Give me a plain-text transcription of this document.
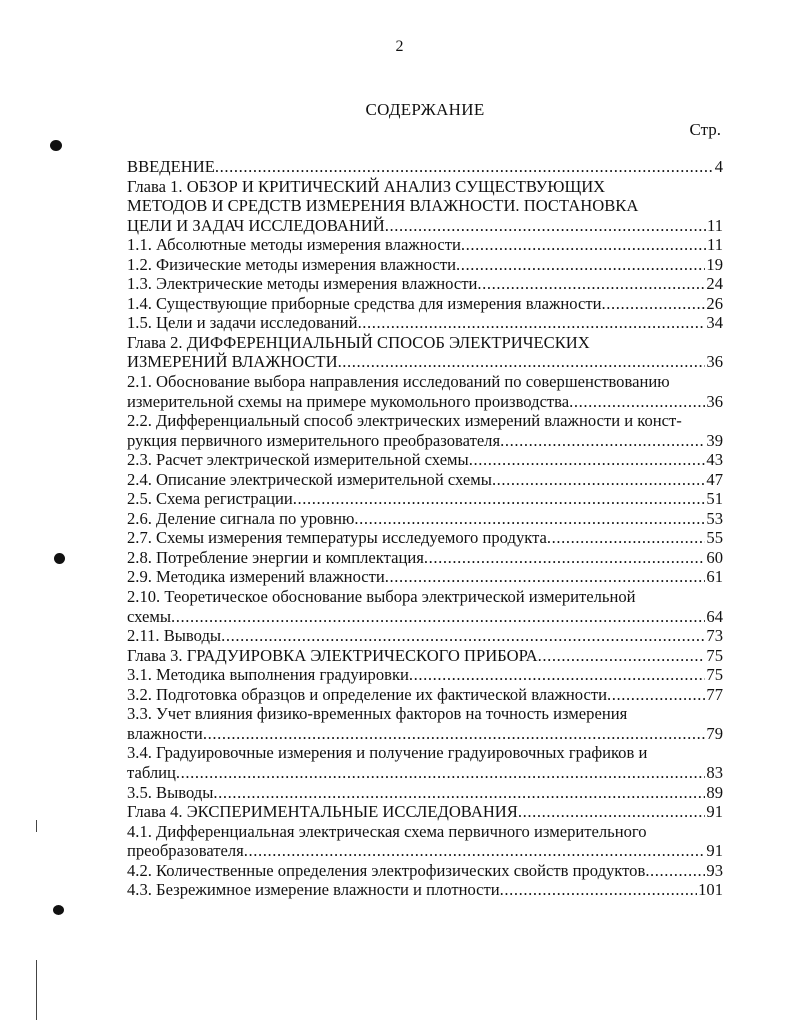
2
СОДЕРЖАНИЕ
Стр.
ВВЕДЕНИЕ .....	4
Глава 1. ОБЗОР И КРИТИЧЕСКИЙ АНАЛИЗ СУЩЕСТВУЮЩИХ
МЕТОДОВ И СРЕДСТВ ИЗМЕРЕНИЯ ВЛАЖНОСТИ. ПОСТАНОВКА
ЦЕЛИ И ЗАДАЧ ИССЛЕДОВАНИЙ .....	11
1.1. Абсолютные методы измерения влажности .....	11
1.2. Физические методы измерения влажности .....	19
1.3. Электрические методы измерения влажности .....	24
1.4. Существующие приборные средства для измерения влажности .....	26
1.5. Цели и задачи исследований .....	34
Глава 2. ДИФФЕРЕНЦИАЛЬНЫЙ СПОСОБ ЭЛЕКТРИЧЕСКИХ
ИЗМЕРЕНИЙ ВЛАЖНОСТИ .....	36
2.1. Обоснование выбора направления исследований по совершенствованию
измерительной схемы на примере мукомольного производства .....	36
2.2. Дифференциальный способ электрических измерений влажности и конст-
рукция первичного измерительного преобразователя .....	39
2.3. Расчет электрической измерительной схемы .....	43
2.4. Описание электрической измерительной схемы .....	47
2.5. Схема регистрации .....	51
2.6. Деление сигнала по уровню .....	53
2.7. Схемы измерения температуры исследуемого продукта .....	55
2.8. Потребление энергии и комплектация .....	60
2.9. Методика измерений влажности .....	61
2.10. Теоретическое обоснование выбора электрической измерительной
схемы .....	64
2.11. Выводы .....	73
Глава 3. ГРАДУИРОВКА ЭЛЕКТРИЧЕСКОГО ПРИБОРА .....	75
3.1. Методика выполнения градуировки .....	75
3.2. Подготовка образцов и определение их фактической влажности .....	77
3.3. Учет влияния физико-временных факторов на точность измерения
влажности .....	79
3.4. Градуировочные измерения и получение градуировочных графиков и
таблиц .....	83
3.5. Выводы .....	89
Глава 4. ЭКСПЕРИМЕНТАЛЬНЫЕ ИССЛЕДОВАНИЯ .....	91
4.1. Дифференциальная электрическая схема первичного измерительного
преобразователя .....	91
4.2. Количественные определения электрофизических свойств продуктов .....	93
4.3. Безрежимное измерение влажности и плотности .....	101
